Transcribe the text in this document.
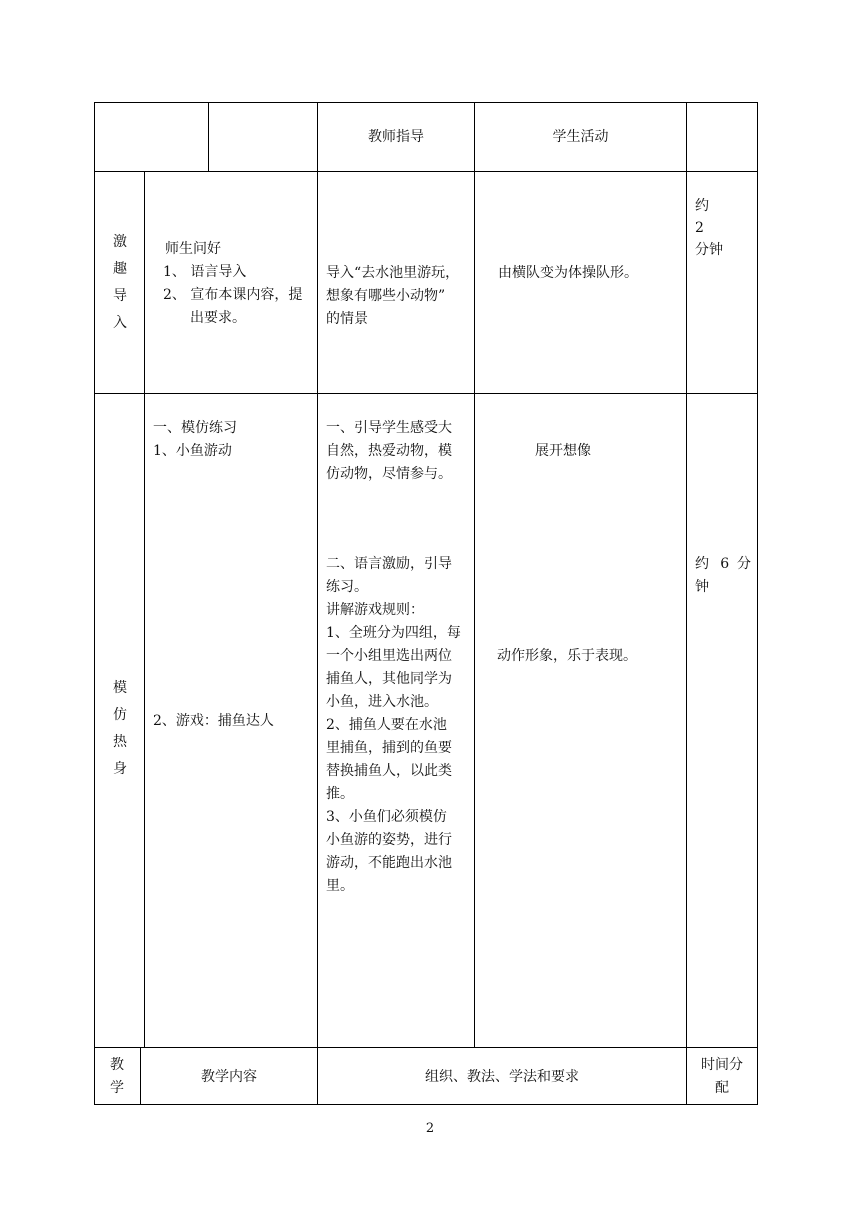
教师指导	学生活动
激
趣
导
入
师生问好
1、 语言导入
2、 宣布本课内容，提
出要求。
导入“去水池里游玩，
想象有哪些小动物”
的情景
由横队变为体操队形。
约
2
分钟
模
仿
热
身
一、模仿练习
1、小鱼游动
2、游戏：捕鱼达人
一、引导学生感受大
自然，热爱动物，模
仿动物，尽情参与。
二、语言激励，引导
练习。
讲解游戏规则：
1、全班分为四组，每
一个小组里选出两位
捕鱼人，其他同学为
小鱼，进入水池。
2、捕鱼人要在水池
里捕鱼，捕到的鱼要
替换捕鱼人，以此类
推。
3、小鱼们必须模仿
小鱼游的姿势，进行
游动，不能跑出水池
里。
展开想像
动作形象，乐于表现。
约 6 分
钟
教
学
教学内容	组织、教法、学法和要求
时间分
配
2
